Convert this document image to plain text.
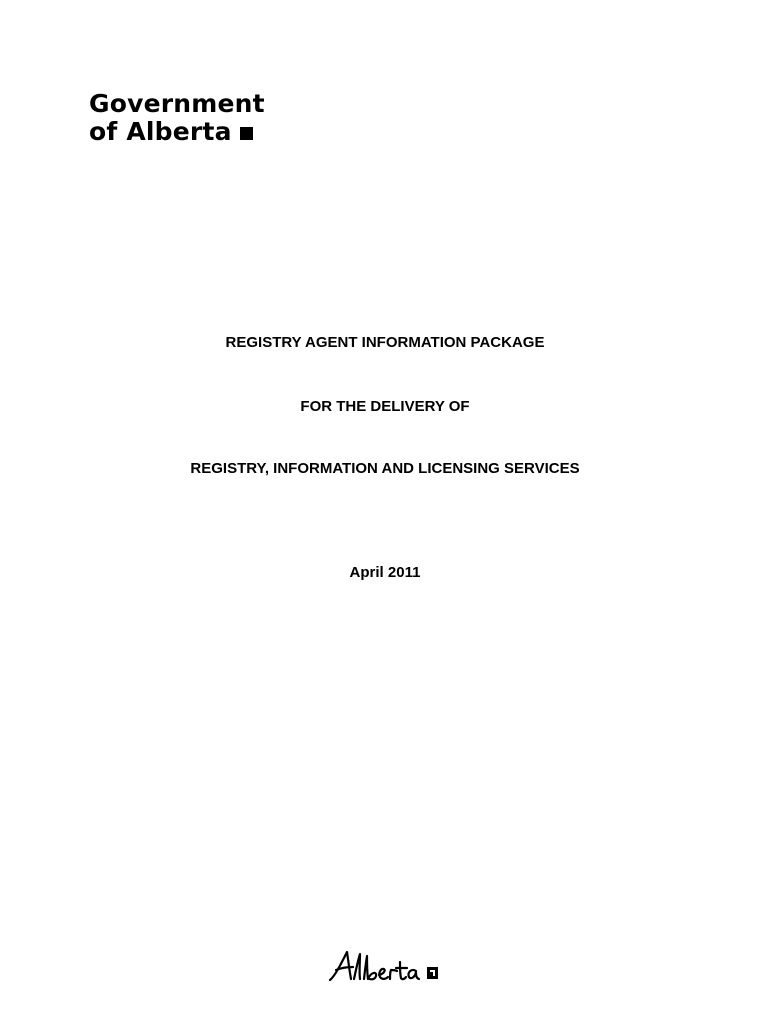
Government
of Alberta
REGISTRY AGENT INFORMATION PACKAGE
FOR THE DELIVERY OF
REGISTRY, INFORMATION AND LICENSING SERVICES
April 2011
